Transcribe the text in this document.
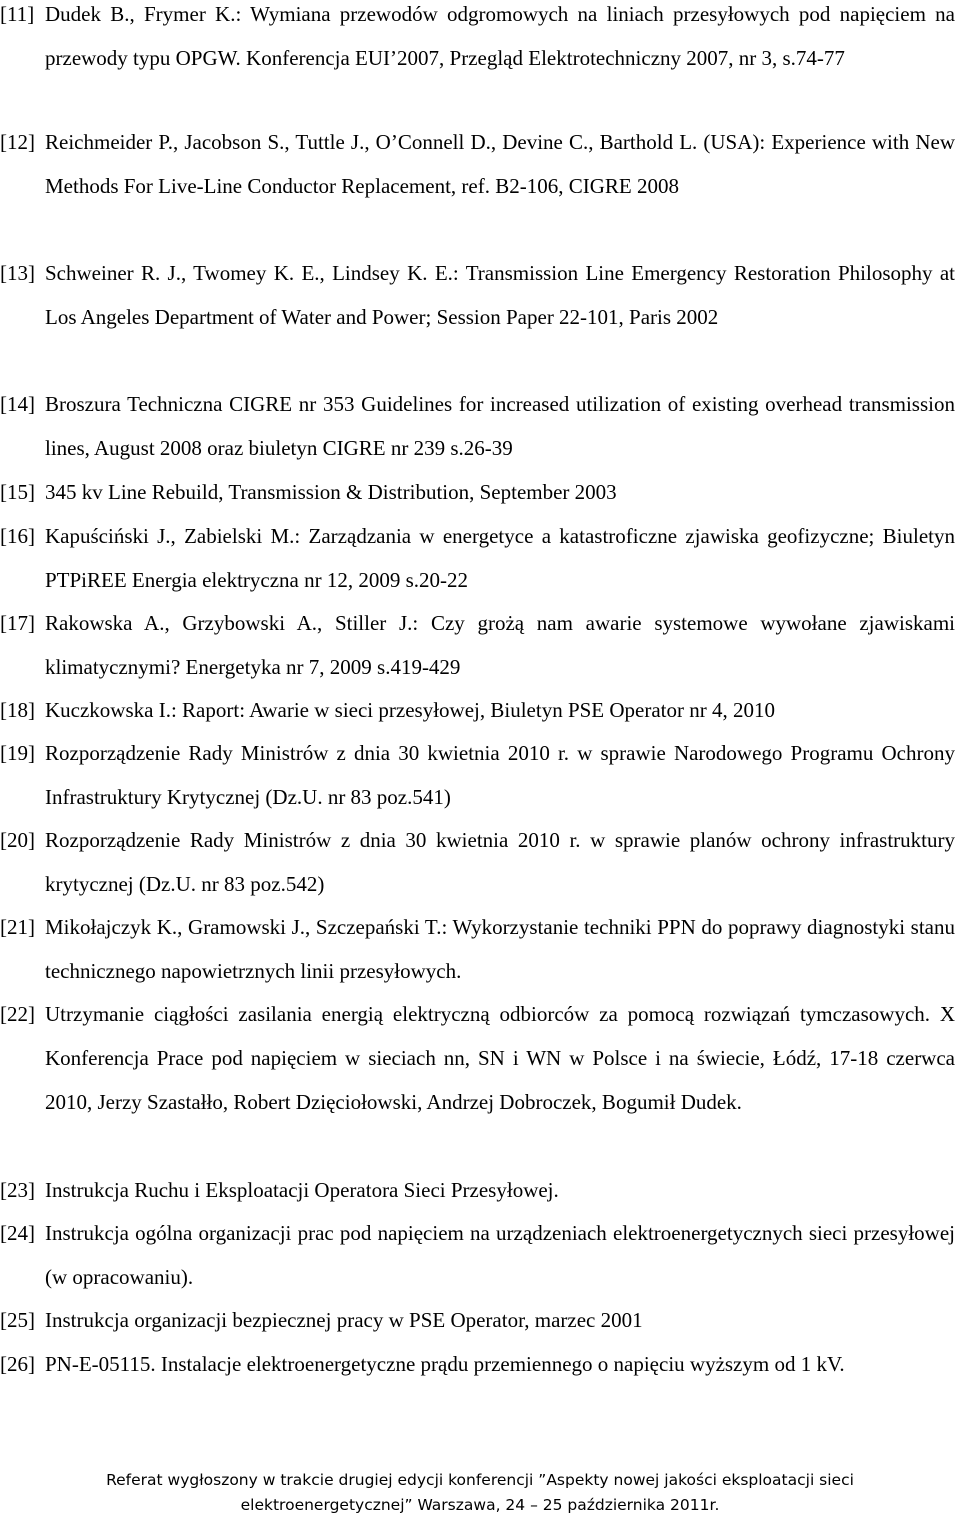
[11] Dudek B., Frymer K.: Wymiana przewodów odgromowych na liniach przesyłowych pod napięciem na przewody typu OPGW. Konferencja EUI’2007, Przegląd Elektrotechniczny 2007, nr 3, s.74-77
[12] Reichmeider P., Jacobson S., Tuttle J., O’Connell D., Devine C., Barthold L. (USA): Experience with New Methods For Live-Line Conductor Replacement, ref. B2-106, CIGRE 2008
[13] Schweiner R. J., Twomey K. E., Lindsey K. E.: Transmission Line Emergency Restoration Philosophy at Los Angeles Department of Water and Power; Session Paper 22-101, Paris 2002
[14] Broszura Techniczna CIGRE nr 353 Guidelines for increased utilization of existing overhead transmission lines, August 2008 oraz biuletyn CIGRE nr 239 s.26-39
[15] 345 kv Line Rebuild, Transmission & Distribution, September 2003
[16] Kapuściński J., Zabielski M.: Zarządzania w energetyce a katastroficzne zjawiska geofizyczne; Biuletyn PTPiREE Energia elektryczna nr 12, 2009 s.20-22
[17] Rakowska A., Grzybowski A., Stiller J.: Czy grożą nam awarie systemowe wywołane zjawiskami klimatycznymi? Energetyka nr 7, 2009 s.419-429
[18] Kuczkowska I.: Raport: Awarie w sieci przesyłowej, Biuletyn PSE Operator nr 4, 2010
[19] Rozporządzenie Rady Ministrów z dnia 30 kwietnia 2010 r. w sprawie Narodowego Programu Ochrony Infrastruktury Krytycznej (Dz.U. nr 83 poz.541)
[20] Rozporządzenie Rady Ministrów z dnia 30 kwietnia 2010 r. w sprawie planów ochrony infrastruktury krytycznej (Dz.U. nr 83 poz.542)
[21] Mikołajczyk K., Gramowski J., Szczepański T.: Wykorzystanie techniki PPN do poprawy diagnostyki stanu technicznego napowietrznych linii przesyłowych.
[22] Utrzymanie ciągłości zasilania energią elektryczną odbiorców za pomocą rozwiązań tymczasowych. X Konferencja Prace pod napięciem w sieciach nn, SN i WN w Polsce i na świecie, Łódź, 17-18 czerwca 2010, Jerzy Szastałło, Robert Dzięciołowski, Andrzej Dobroczek, Bogumił Dudek.
[23] Instrukcja Ruchu i Eksploatacji Operatora Sieci Przesyłowej.
[24] Instrukcja ogólna organizacji prac pod napięciem na urządzeniach elektroenergetycznych sieci przesyłowej (w opracowaniu).
[25] Instrukcja organizacji bezpiecznej pracy w PSE Operator, marzec 2001
[26] PN-E-05115. Instalacje elektroenergetyczne prądu przemiennego o napięciu wyższym od 1 kV.
Referat wygłoszony w trakcie drugiej edycji konferencji ”Aspekty nowej jakości eksploatacji sieci
elektroenergetycznej” Warszawa, 24 – 25 października 2011r.
